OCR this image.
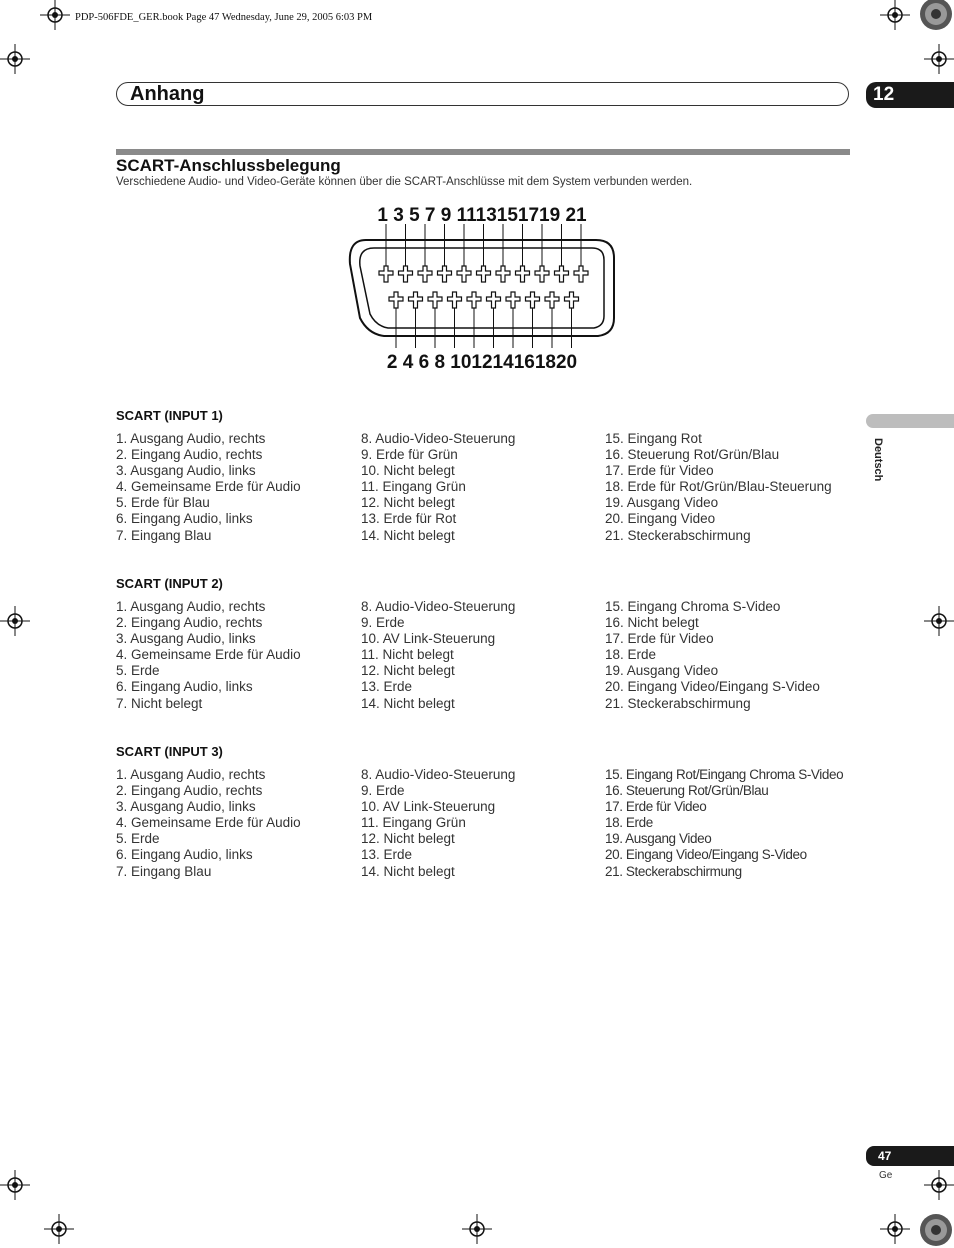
PDP-506FDE_GER.book Page 47 Wednesday, June 29, 2005 6:03 PM
Anhang	12
SCART-Anschlussbelegung
Verschiedene Audio- und Video-Geräte können über die SCART-Anschlüsse mit dem System verbunden werden.
1 3 5 7 9 1113151719 21
2 4 6 8 101214161820
SCART (INPUT 1)
1. Ausgang Audio, rechts
2. Eingang Audio, rechts
3. Ausgang Audio, links
4. Gemeinsame Erde für Audio
5. Erde für Blau
6. Eingang Audio, links
7. Eingang Blau
8. Audio-Video-Steuerung
9. Erde für Grün
10. Nicht belegt
11. Eingang Grün
12. Nicht belegt
13. Erde für Rot
14. Nicht belegt
15. Eingang Rot
16. Steuerung Rot/Grün/Blau
17. Erde für Video
18. Erde für Rot/Grün/Blau-Steuerung
19. Ausgang Video
20. Eingang Video
21. Steckerabschirmung
SCART (INPUT 2)
1. Ausgang Audio, rechts
2. Eingang Audio, rechts
3. Ausgang Audio, links
4. Gemeinsame Erde für Audio
5. Erde
6. Eingang Audio, links
7. Nicht belegt
8. Audio-Video-Steuerung
9. Erde
10. AV Link-Steuerung
11. Nicht belegt
12. Nicht belegt
13. Erde
14. Nicht belegt
15. Eingang Chroma S-Video
16. Nicht belegt
17. Erde für Video
18. Erde
19. Ausgang Video
20. Eingang Video/Eingang S-Video
21. Steckerabschirmung
SCART (INPUT 3)
1. Ausgang Audio, rechts
2. Eingang Audio, rechts
3. Ausgang Audio, links
4. Gemeinsame Erde für Audio
5. Erde
6. Eingang Audio, links
7. Eingang Blau
8. Audio-Video-Steuerung
9. Erde
10. AV Link-Steuerung
11. Eingang Grün
12. Nicht belegt
13. Erde
14. Nicht belegt
15. Eingang Rot/Eingang Chroma S-Video
16. Steuerung Rot/Grün/Blau
17. Erde für Video
18. Erde
19. Ausgang Video
20. Eingang Video/Eingang S-Video
21. Steckerabschirmung
Deutsch
47
Ge
